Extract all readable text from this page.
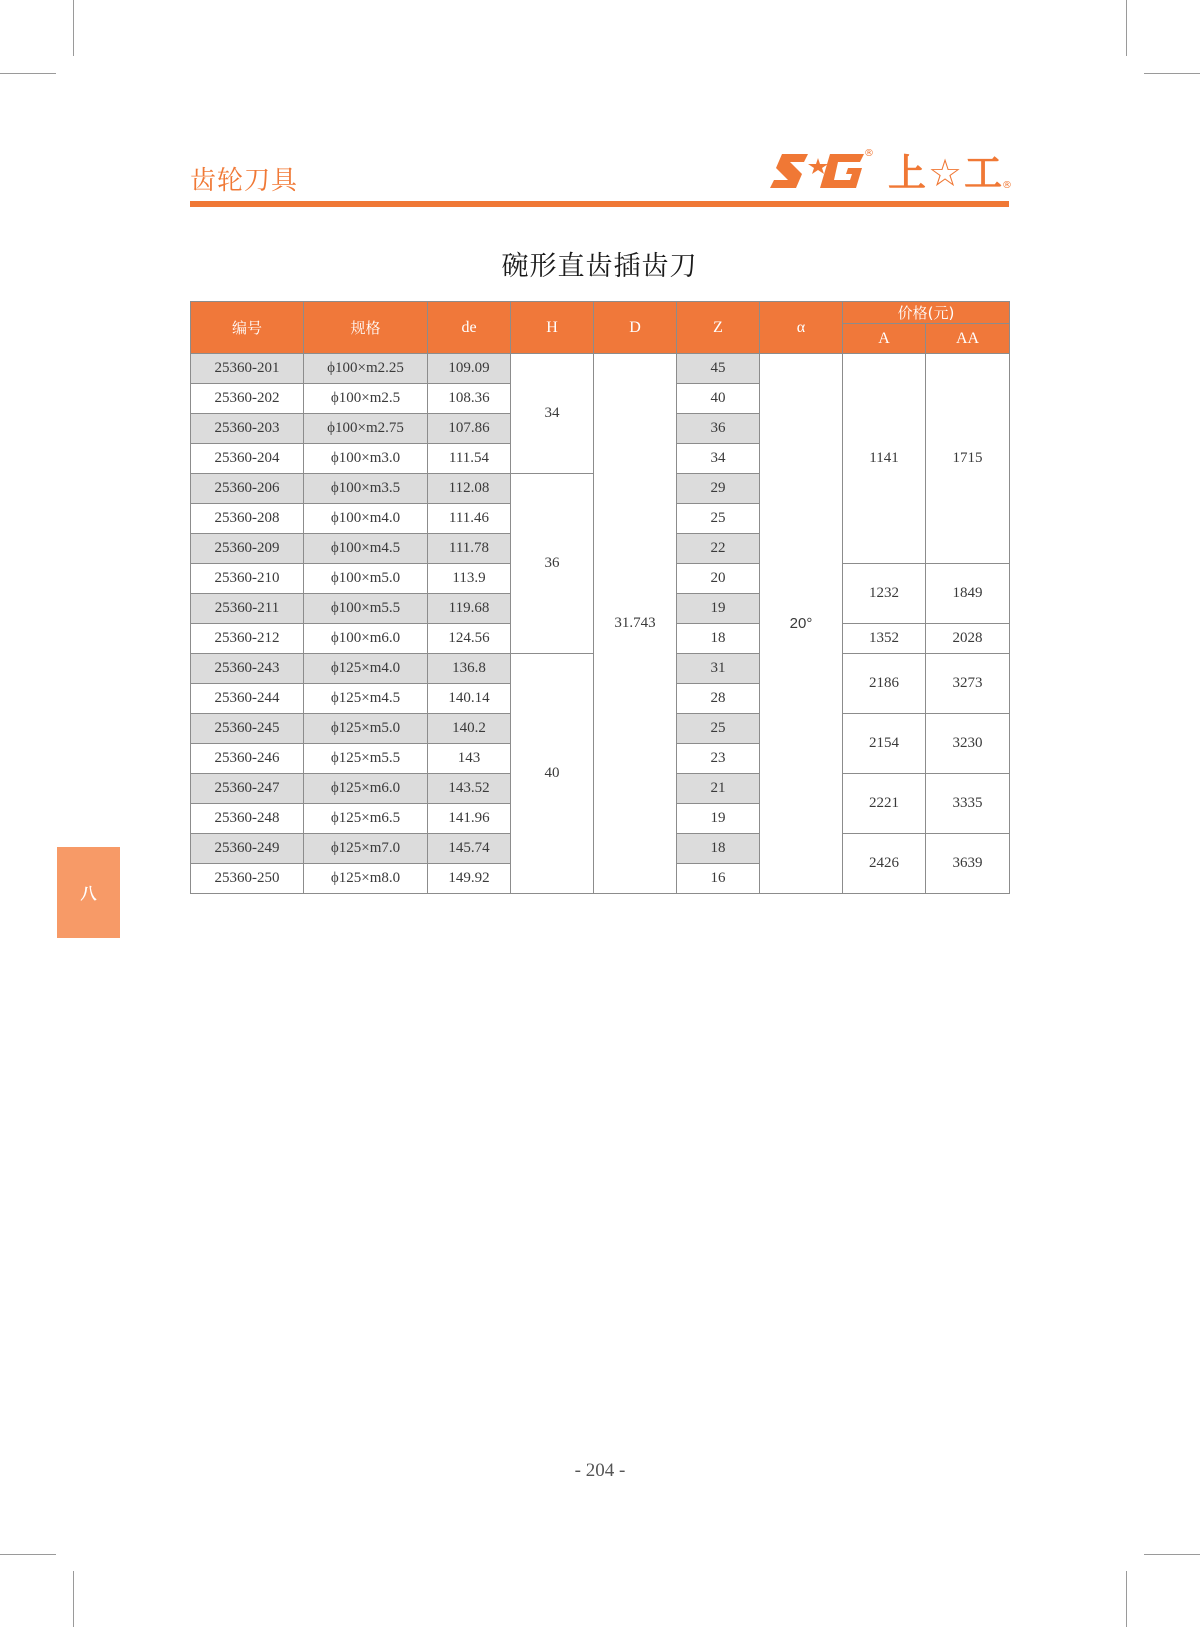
齿轮刀具
® 上☆工
®
碗形直齿插齿刀
编号	规格	de	H	D	Z	α	价格(元)	
							A	AA
25360-201	ϕ100×m2.25	109.09	34	31.743	45	20°	1141	1715
25360-202	ϕ100×m2.5	108.36			40			
25360-203	ϕ100×m2.75	107.86			36			
25360-204	ϕ100×m3.0	111.54			34			
25360-206	ϕ100×m3.5	112.08	36		29			
25360-208	ϕ100×m4.0	111.46			25			
25360-209	ϕ100×m4.5	111.78			22			
25360-210	ϕ100×m5.0	113.9			20		1232	1849
25360-211	ϕ100×m5.5	119.68			19			
25360-212	ϕ100×m6.0	124.56			18		1352	2028
25360-243	ϕ125×m4.0	136.8	40		31		2186	3273
25360-244	ϕ125×m4.5	140.14			28			
25360-245	ϕ125×m5.0	140.2			25		2154	3230
25360-246	ϕ125×m5.5	143			23			
25360-247	ϕ125×m6.0	143.52			21		2221	3335
25360-248	ϕ125×m6.5	141.96			19			
25360-249	ϕ125×m7.0	145.74			18		2426	3639
25360-250	ϕ125×m8.0	149.92			16			
八
- 204 -
